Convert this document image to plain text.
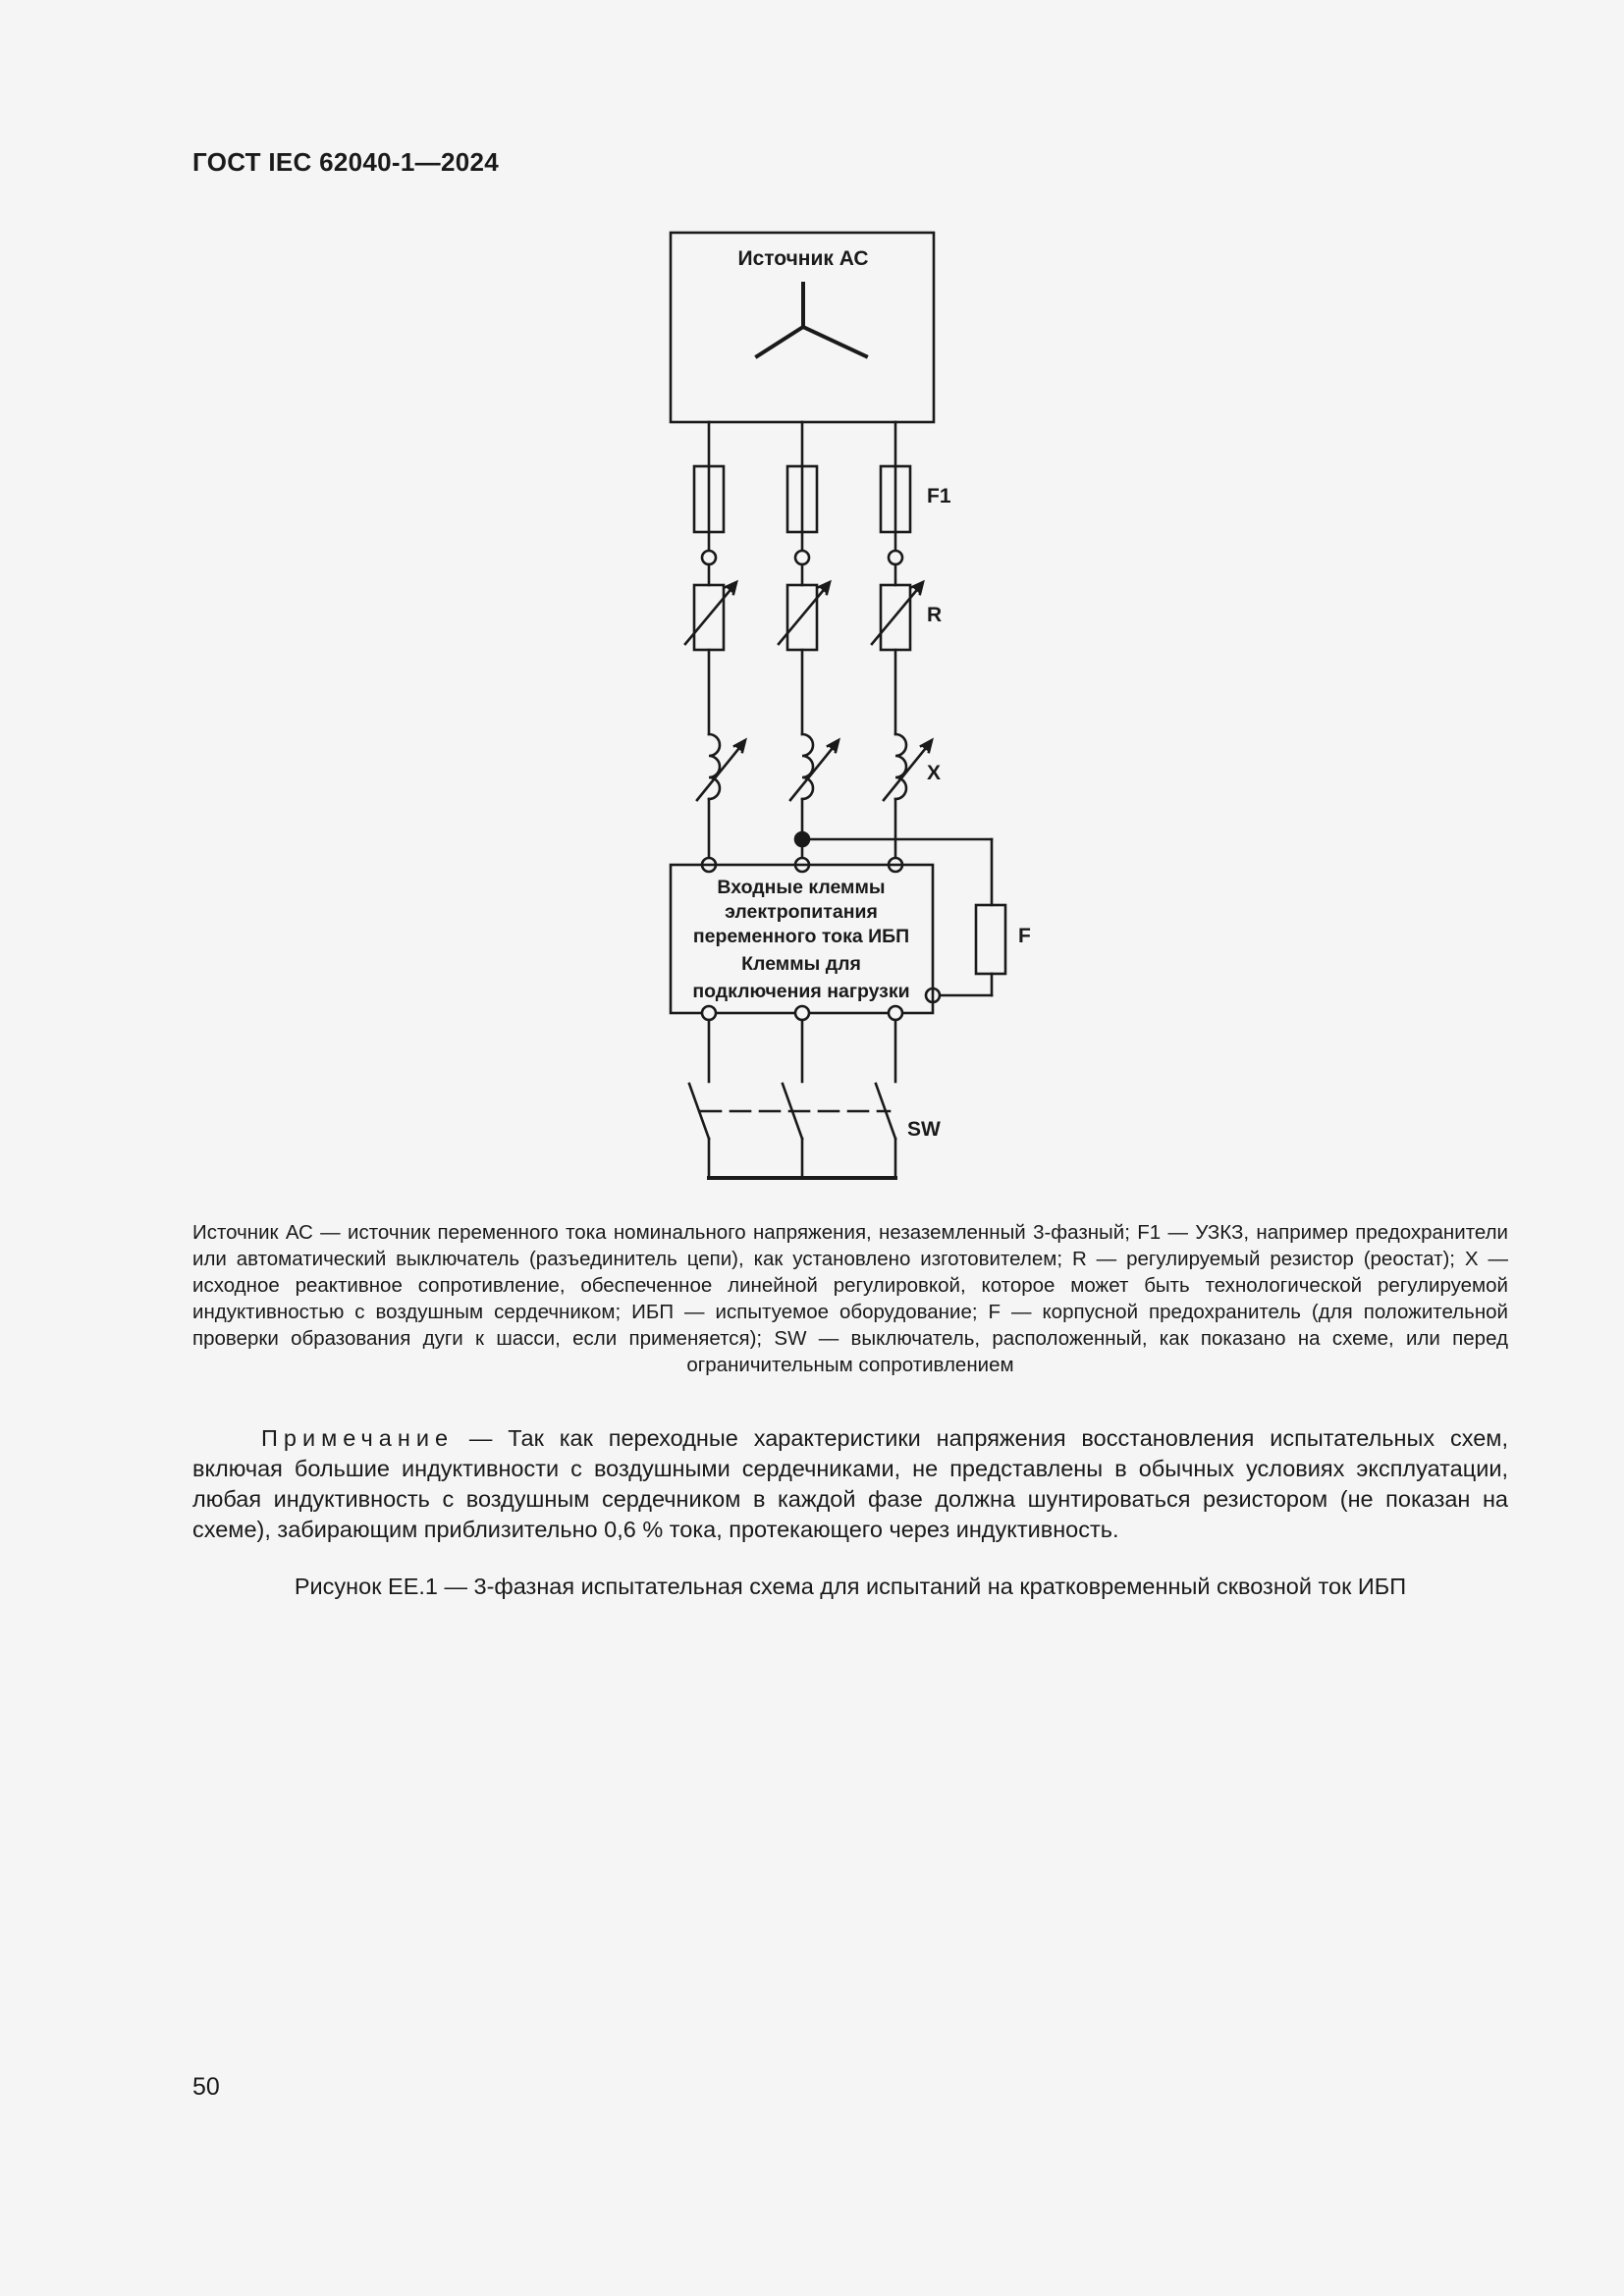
ГОСТ IEC 62040-1—2024
Источник АС
F1
R
X
F
SW
Входные клеммы
электропитания
переменного тока ИБП
Клеммы для
подключения нагрузки
Источник АС — источник переменного тока номинального напряжения, незаземленный 3-фазный; F1 — УЗКЗ, например предохранители или автоматический выключатель (разъединитель цепи), как установлено изготовителем; R — регулируемый резистор (реостат); Х — исходное реактивное сопротивление, обеспеченное линейной регулировкой, которое может быть технологической регулируемой индуктивностью с воздушным сердечником; ИБП — испытуемое оборудование; F — корпусной предохранитель (для положительной проверки образования дуги к шасси, если применяется); SW — выключатель, расположенный, как показано на схеме, или перед ограничительным сопротивлением
Примечание — Так как переходные характеристики напряжения восстановления испытательных схем, включая большие индуктивности с воздушными сердечниками, не представлены в обычных условиях эксплуатации, любая индуктивность с воздушным сердечником в каждой фазе должна шунтироваться резистором (не показан на схеме), забирающим приблизительно 0,6 % тока, протекающего через индуктивность.
Рисунок ЕЕ.1 — 3-фазная испытательная схема для испытаний на кратковременный сквозной ток ИБП
50
